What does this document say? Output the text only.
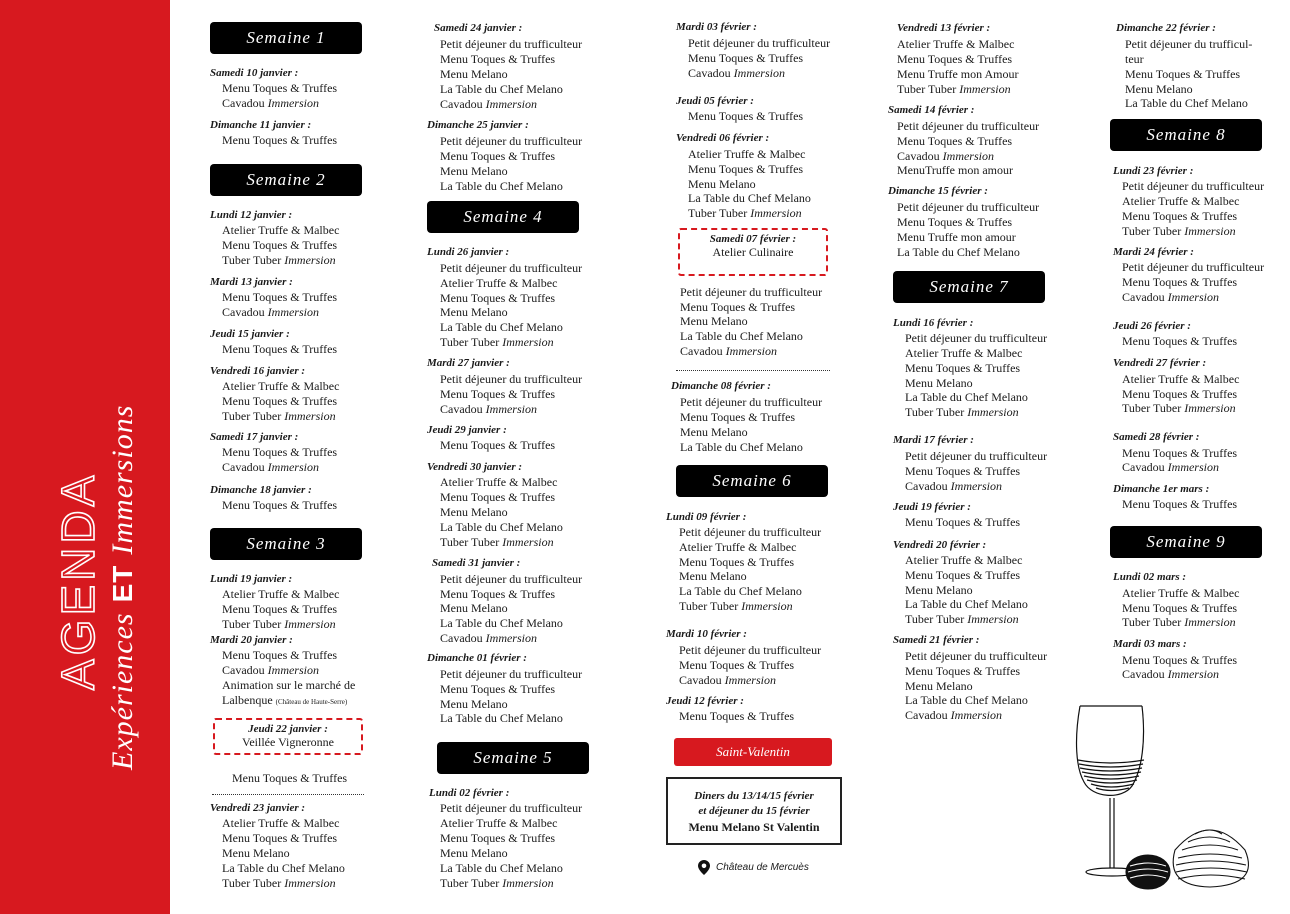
AGENDA
Expériences
ET
Immersions
Semaine 1
Samedi 10 janvier :
Menu Toques & Truffes
Cavadou Immersion
Dimanche 11 janvier :
Menu Toques & Truffes
Semaine 2
Lundi 12 janvier :
Atelier Truffe & Malbec
Menu Toques & Truffes
Tuber Tuber Immersion
Mardi 13 janvier :
Menu Toques & Truffes
Cavadou Immersion
Jeudi 15 janvier :
Menu Toques & Truffes
Vendredi 16 janvier :
Atelier Truffe & Malbec
Menu Toques & Truffes
Tuber Tuber Immersion
Samedi 17 janvier :
Menu Toques & Truffes
Cavadou Immersion
Dimanche 18 janvier :
Menu Toques & Truffes
Semaine 3
Lundi 19 janvier :
Atelier Truffe & Malbec
Menu Toques & Truffes
Tuber Tuber Immersion
Mardi 20 janvier :
Menu Toques & Truffes
Cavadou Immersion
Animation sur le marché de
Lalbenque (Château de Haute-Serre)
Jeudi 22 janvier :
Veillée Vigneronne
Menu Toques & Truffes
Vendredi 23 janvier :
Atelier Truffe & Malbec
Menu Toques & Truffes
Menu Melano
La Table du Chef Melano
Tuber Tuber Immersion
Samedi 24 janvier :
Petit déjeuner du trufficulteur
Menu Toques & Truffes
Menu Melano
La Table du Chef Melano
Cavadou Immersion
Dimanche 25 janvier :
Petit déjeuner du trufficulteur
Menu Toques & Truffes
Menu Melano
La Table du Chef Melano
Semaine 4
Lundi 26 janvier :
Petit déjeuner du trufficulteur
Atelier Truffe & Malbec
Menu Toques & Truffes
Menu Melano
La Table du Chef Melano
Tuber Tuber Immersion
Mardi 27 janvier :
Petit déjeuner du trufficulteur
Menu Toques & Truffes
Cavadou Immersion
Jeudi 29 janvier :
Menu Toques & Truffes
Vendredi 30 janvier :
Atelier Truffe & Malbec
Menu Toques & Truffes
Menu Melano
La Table du Chef Melano
Tuber Tuber Immersion
Samedi 31 janvier :
Petit déjeuner du trufficulteur
Menu Toques & Truffes
Menu Melano
La Table du Chef Melano
Cavadou Immersion
Dimanche 01 février :
Petit déjeuner du trufficulteur
Menu Toques & Truffes
Menu Melano
La Table du Chef Melano
Semaine 5
Lundi 02 février :
Petit déjeuner du trufficulteur
Atelier Truffe & Malbec
Menu Toques & Truffes
Menu Melano
La Table du Chef Melano
Tuber Tuber Immersion
Mardi 03 février :
Petit déjeuner du trufficulteur
Menu Toques & Truffes
Cavadou Immersion
Jeudi 05 février :
Menu Toques & Truffes
Vendredi 06 février :
Atelier Truffe & Malbec
Menu Toques & Truffes
Menu Melano
La Table du Chef Melano
Tuber Tuber Immersion
Samedi 07 février :
Atelier Culinaire
Petit déjeuner du trufficulteur
Menu Toques & Truffes
Menu Melano
La Table du Chef Melano
Cavadou Immersion
Dimanche 08 février :
Petit déjeuner du trufficulteur
Menu Toques & Truffes
Menu Melano
La Table du Chef Melano
Semaine 6
Lundi 09 février :
Petit déjeuner du trufficulteur
Atelier Truffe & Malbec
Menu Toques & Truffes
Menu Melano
La Table du Chef Melano
Tuber Tuber Immersion
Mardi 10 février :
Petit déjeuner du trufficulteur
Menu Toques & Truffes
Cavadou Immersion
Jeudi 12 février :
Menu Toques & Truffes
Saint-Valentin
Diners du 13/14/15 février
et déjeuner du 15 février
Menu Melano St Valentin
Château de Mercuès
Vendredi 13 février :
Atelier Truffe & Malbec
Menu Toques & Truffes
Menu Truffe mon Amour
Tuber Tuber Immersion
Samedi 14 février :
Petit déjeuner du trufficulteur
Menu Toques & Truffes
Cavadou Immersion
MenuTruffe mon amour
Dimanche 15 février :
Petit déjeuner du trufficulteur
Menu Toques & Truffes
Menu Truffe mon amour
La Table du Chef Melano
Semaine 7
Lundi 16 février :
Petit déjeuner du trufficulteur
Atelier Truffe & Malbec
Menu Toques & Truffes
Menu Melano
La Table du Chef Melano
Tuber Tuber Immersion
Mardi 17 février :
Petit déjeuner du trufficulteur
Menu Toques & Truffes
Cavadou Immersion
Jeudi 19 février :
Menu Toques & Truffes
Vendredi 20 février :
Atelier Truffe & Malbec
Menu Toques & Truffes
Menu Melano
La Table du Chef Melano
Tuber Tuber Immersion
Samedi 21 février :
Petit déjeuner du trufficulteur
Menu Toques & Truffes
Menu Melano
La Table du Chef Melano
Cavadou Immersion
Dimanche 22 février :
Petit déjeuner du trufficul-
teur
Menu Toques & Truffes
Menu Melano
La Table du Chef Melano
Semaine 8
Lundi 23 février :
Petit déjeuner du trufficulteur
Atelier Truffe & Malbec
Menu Toques & Truffes
Tuber Tuber Immersion
Mardi 24 février :
Petit déjeuner du trufficulteur
Menu Toques & Truffes
Cavadou Immersion
Jeudi 26 février :
Menu Toques & Truffes
Vendredi 27 février :
Atelier Truffe & Malbec
Menu Toques & Truffes
Tuber Tuber Immersion
Samedi 28 février :
Menu Toques & Truffes
Cavadou Immersion
Dimanche 1er mars :
Menu Toques & Truffes
Semaine 9
Lundi 02 mars :
Atelier Truffe & Malbec
Menu Toques & Truffes
Tuber Tuber Immersion
Mardi 03 mars :
Menu Toques & Truffes
Cavadou Immersion
